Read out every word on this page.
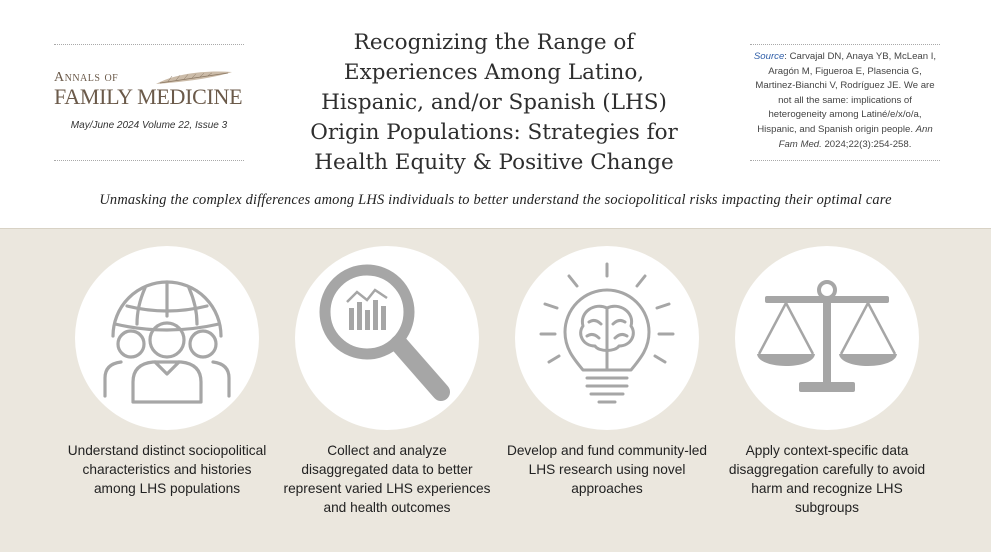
Annals of
FAMILY MEDICINE
May/June 2024 Volume 22, Issue 3
Recognizing the Range of Experiences Among Latino, Hispanic, and/or Spanish (LHS) Origin Populations: Strategies for Health Equity & Positive Change
Source: Carvajal DN, Anaya YB, McLean I, Aragón M, Figueroa E, Plasencia G, Martinez-Bianchi V, Rodríguez JE. We are not all the same: implications of heterogeneity among Latiné/e/x/o/a, Hispanic, and Spanish origin people. Ann Fam Med. 2024;22(3):254-258.
Unmasking the complex differences among LHS individuals to better understand the sociopolitical risks impacting their optimal care
Understand distinct sociopolitical characteristics and histories among LHS populations
Collect and analyze disaggregated data to better represent varied LHS experiences and health outcomes
Develop and fund community-led LHS research using novel approaches
Apply context-specific data disaggregation carefully to avoid harm and recognize LHS subgroups
